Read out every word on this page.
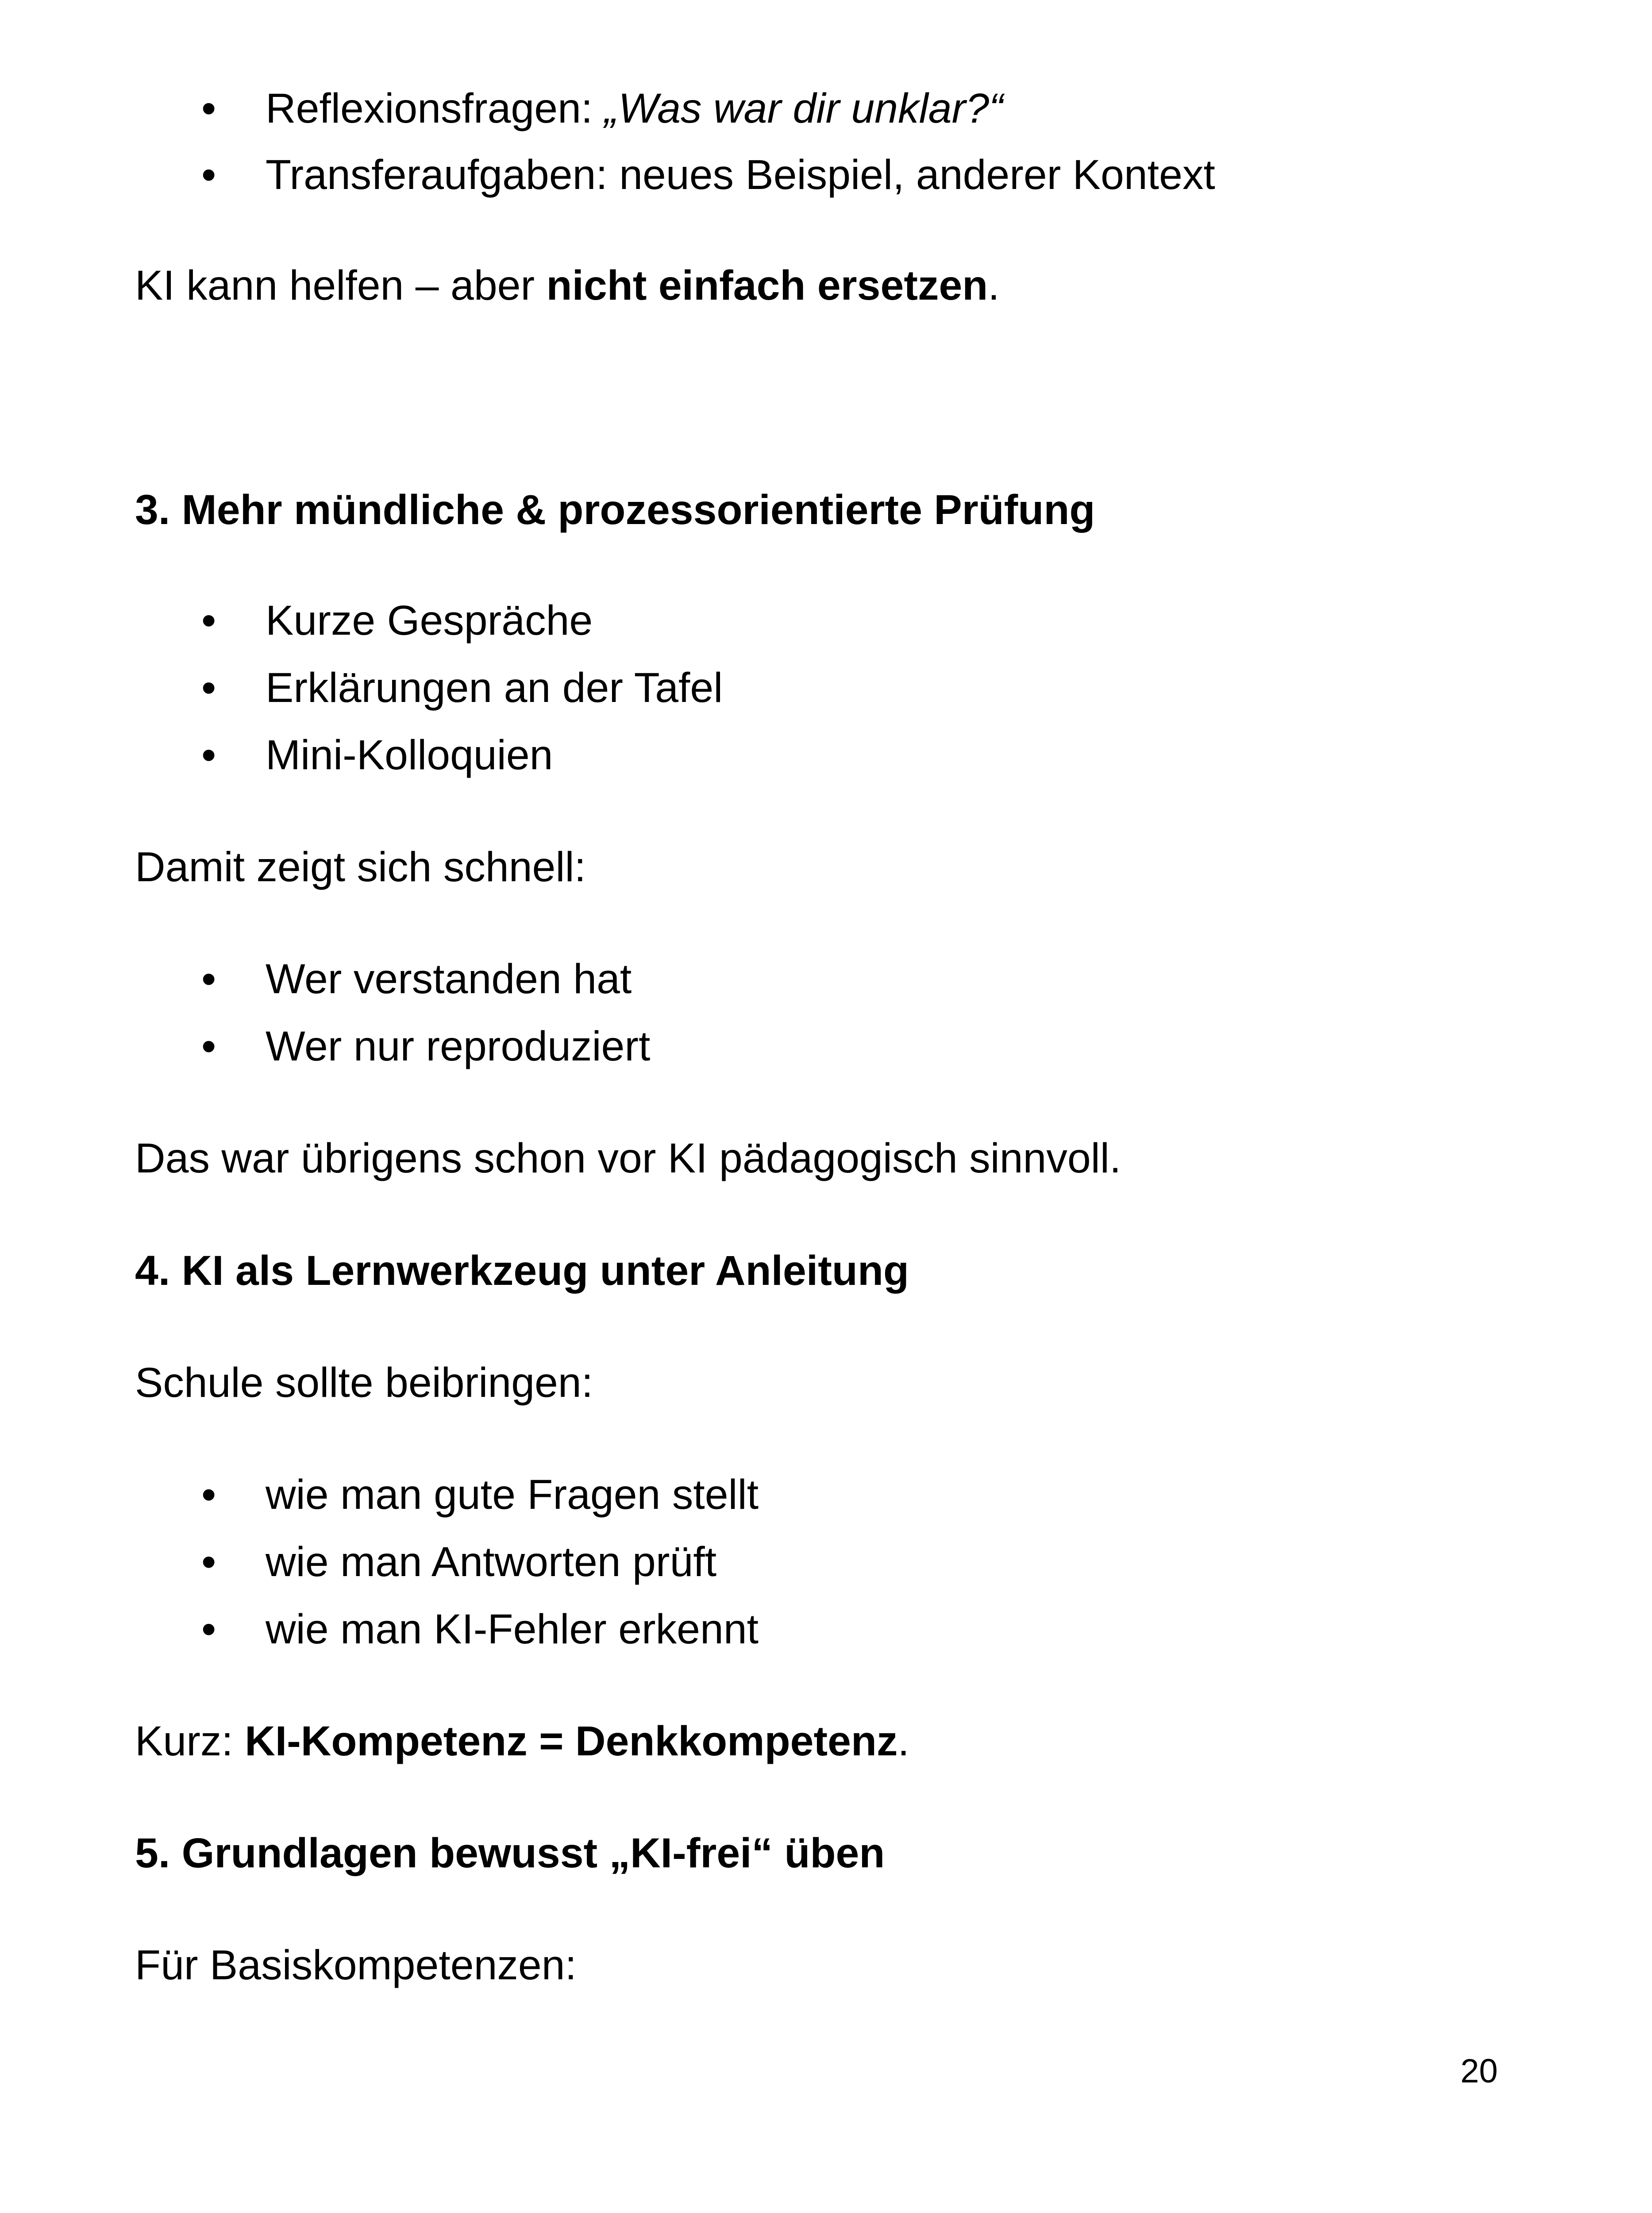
• Reflexionsfragen: „Was war dir unklar?“
• Transferaufgaben: neues Beispiel, anderer Kontext
KI kann helfen – aber nicht einfach ersetzen.
3. Mehr mündliche & prozessorientierte Prüfung
• Kurze Gespräche
• Erklärungen an der Tafel
• Mini-Kolloquien
Damit zeigt sich schnell:
• Wer verstanden hat
• Wer nur reproduziert
Das war übrigens schon vor KI pädagogisch sinnvoll.
4. KI als Lernwerkzeug unter Anleitung
Schule sollte beibringen:
• wie man gute Fragen stellt
• wie man Antworten prüft
• wie man KI-Fehler erkennt
Kurz: KI-Kompetenz = Denkkompetenz.
5. Grundlagen bewusst „KI-frei“ üben
Für Basiskompetenzen:
20
